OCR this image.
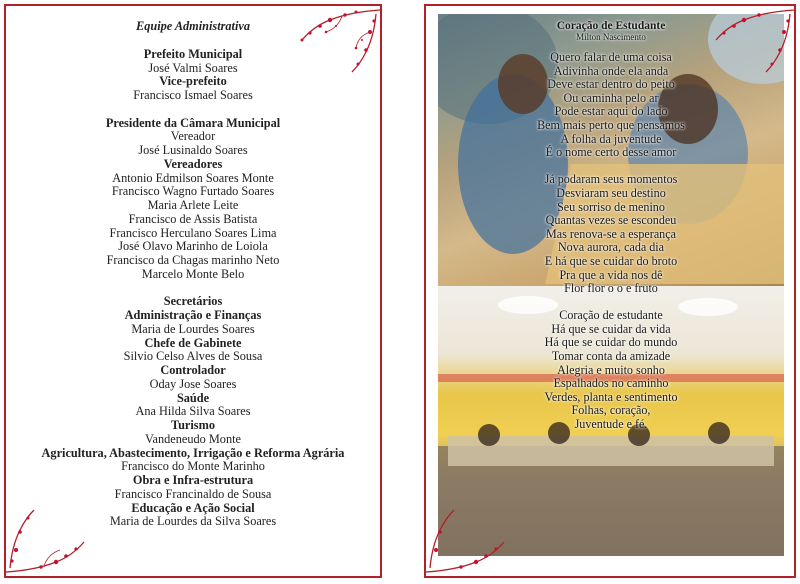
Equipe Administrativa
Prefeito Municipal
José Valmi Soares
Vice-prefeito
Francisco Ismael Soares
Presidente da Câmara Municipal
Vereador
José Lusinaldo Soares
Vereadores
Antonio Edmilson Soares Monte
Francisco Wagno Furtado Soares
Maria Arlete Leite
Francisco de Assis Batista
Francisco Herculano Soares Lima
José Olavo Marinho de Loiola
Francisco da Chagas marinho Neto
Marcelo Monte Belo
Secretários
Administração e Finanças
Maria de Lourdes Soares
Chefe de Gabinete
Silvio Celso Alves de Sousa
Controlador
Oday Jose Soares
Saúde
Ana Hilda Silva Soares
Turismo
Vandeneudo Monte
Agricultura, Abastecimento, Irrigação e Reforma Agrária
Francisco do Monte Marinho
Obra e Infra-estrutura
Francisco Francinaldo de Sousa
Educação e Ação Social
Maria de Lourdes da Silva Soares
Coração de Estudante
Milton Nascimento
Quero falar de uma coisa
Adivinha onde ela anda
Deve estar dentro do peito
Ou caminha pelo ar
Pode estar aqui do lado
Bem mais perto que pensamos
A folha da juventude
É o nome certo desse amor
Já podaram seus momentos
Desviaram seu destino
Seu sorriso de menino
Quantas vezes se escondeu
Mas renova-se a esperança
Nova aurora, cada dia
E há que se cuidar do broto
Pra que a vida nos dê
Flor flor o o e fruto
Coração de estudante
Há que se cuidar da vida
Há que se cuidar do mundo
Tomar conta da amizade
Alegria e muito sonho
Espalhados no caminho
Verdes, planta e sentimento
Folhas, coração,
Juventude e fé.
